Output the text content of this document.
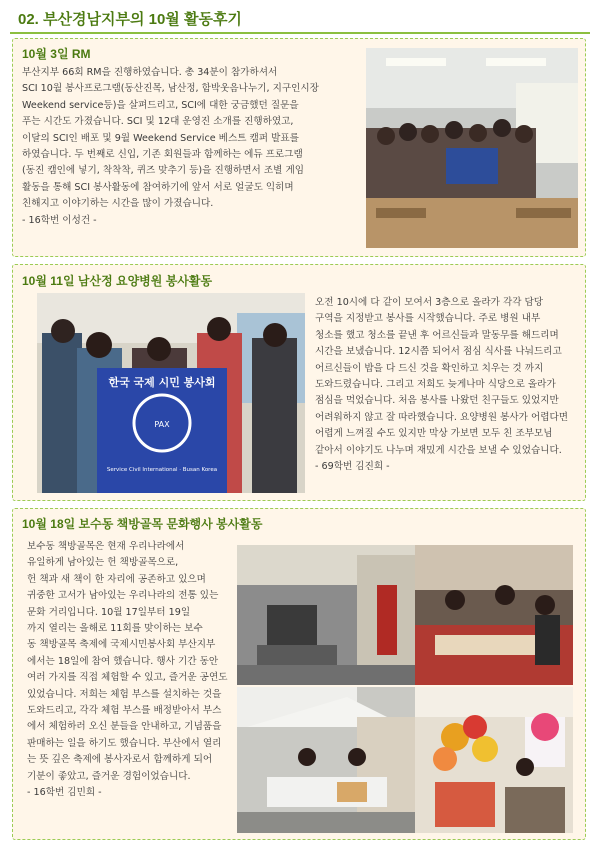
02. 부산경남지부의 10월 활동후기
10월 3일 RM
부산지부 66회 RM을 진행하였습니다. 총 34분이 참가하셔서
SCI 10월 봉사프로그램(동산진목, 남산정, 함박웃음나누기, 지구인시장
Weekend service등)을 살펴드리고, SCI에 대한 궁금했던 질문을
푸는 시간도 가졌습니다. SCI 및 12대 운영진 소개를 진행하였고,
이달의 SCI인 배포 및 9월 Weekend Service 베스트 캠퍼 발표를
하였습니다. 두 번째로 신입, 기존 회원들과 함께하는 에듀 프로그램
(동진 캠인에 넣기, 착착착, 퀴즈 맞추기 등)을 진행하면서 조별 게임
활동을 통해 SCI 봉사활동에 참여하기에 앞서 서로 얼굴도 익히며
친해지고 이야기하는 시간을 많이 가졌습니다.
- 16학번 이성건 -
10월 11일 남산정 요양병원 봉사활동
한국 국제 시민 봉사회
PAX
Service Civil International · Busan Korea
오전 10시에 다 같이 모여서 3층으로 올라가 각각 담당
구역을 지정받고 봉사를 시작했습니다. 주로 병원 내부
청소를 했고 청소를 끝낸 후 어르신들과 말동무를 해드리며
시간을 보냈습니다. 12시쯤 되어서 점심 식사를 나눠드리고
어르신들이 밥을 다 드신 것을 확인하고 치우는 것 까지
도와드렸습니다. 그리고 저희도 늦게나마 식당으로 올라가
점심을 먹었습니다. 처음 봉사를 나왔던 친구들도 있었지만
어려워하지 않고 잘 따라했습니다. 요양병원 봉사가 어렵다면
어렵게 느껴질 수도 있지만 막상 가보면 모두 친 조부모님
같아서 이야기도 나누며 재밌게 시간을 보낼 수 있었습니다.
- 69학번 김진희 -
10월 18일 보수동 책방골목 문화행사 봉사활동
보수동 책방골목은 현재 우리나라에서
유일하게 남아있는 헌 책방골목으로,
헌 책과 새 책이 한 자리에 공존하고 있으며
귀중한 고서가 남아있는 우리나라의 전통 있는
문화 거리입니다. 10월 17일부터 19일
까지 열리는 올해로 11회를 맞이하는 보수
동 책방골목 축제에 국제시민봉사회 부산지부
에서는 18일에 참여 했습니다. 행사 기간 동안
여러 가지를 직접 체험할 수 있고, 즐거운 공연도
있었습니다. 저희는 체험 부스를 설치하는 것을
도와드리고, 각각 체험 부스를 배정받아서 부스
에서 체험하러 오신 분들을 안내하고, 기념품을
판매하는 일을 하기도 했습니다. 부산에서 열리
는 뜻 깊은 축제에 봉사자로서 함께하게 되어
기분이 좋았고, 즐거운 경험이었습니다.
- 16학번 김민희 -
